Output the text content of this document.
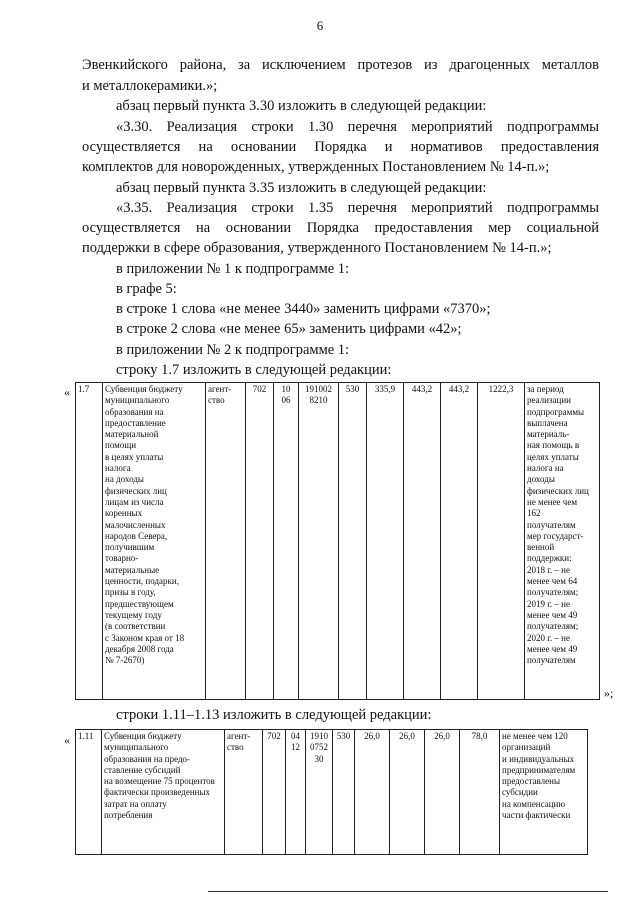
6
Эвенкийского района, за исключением протезов из драгоценных металлов
и металлокерамики.»;
абзац первый пункта 3.30 изложить в следующей редакции:
«3.30. Реализация строки 1.30 перечня мероприятий подпрограммы
осуществляется на основании Порядка и нормативов предоставления
комплектов для новорожденных, утвержденных Постановлением № 14-п.»;
абзац первый пункта 3.35 изложить в следующей редакции:
«3.35. Реализация строки 1.35 перечня мероприятий подпрограммы
осуществляется на основании Порядка предоставления мер социальной
поддержки в сфере образования, утвержденного Постановлением № 14-п.»;
в приложении № 1 к подпрограмме 1:
в графе 5:
в строке 1 слова «не менее 3440» заменить цифрами «7370»;
в строке 2 слова «не менее 65» заменить цифрами «42»;
в приложении № 2 к подпрограмме 1:
строку 1.7 изложить в следующей редакции:
« 1.7	Субвенция бюджету
муниципального
образования на
предоставление
материальной
помощи
в целях уплаты
налога
на доходы
физических лиц
лицам из числа
коренных
малочисленных
народов Севера,
получившим
товарно-
материальные
ценности, подарки,
призы в году,
предшествующем
текущему году
(в соответствии
с Законом края от 18
декабря 2008 года
№ 7-2670)	агент-
ство	702	10
06	191002
8210	530	335,9	443,2	443,2	1222,3	за период
реализации
подпрограммы
выплачена
материаль-
ная помощь в
целях уплаты
налога на
доходы
физических лиц
не менее чем
162
получателям
мер государст-
венной
поддержки:
2018 г. – не
менее чем 64
получателям;
2019 г. – не
менее чем 49
получателям;
2020 г. – не
менее чем 49
получателям
»;
строки 1.11–1.13 изложить в следующей редакции:
« 1.11	Субвенция бюджету
муниципального
образования на предо-
ставление субсидий
на возмещение 75 процентов
фактически произведенных
затрат на оплату
потребления	агент-
ство	702	04
12	1910
0752
30	530	26,0	26,0	26,0	78,0	не менее чем 120
организаций
и индивидуальных
предпринимателям
предоставлены
субсидии
на компенсацию
части фактически
